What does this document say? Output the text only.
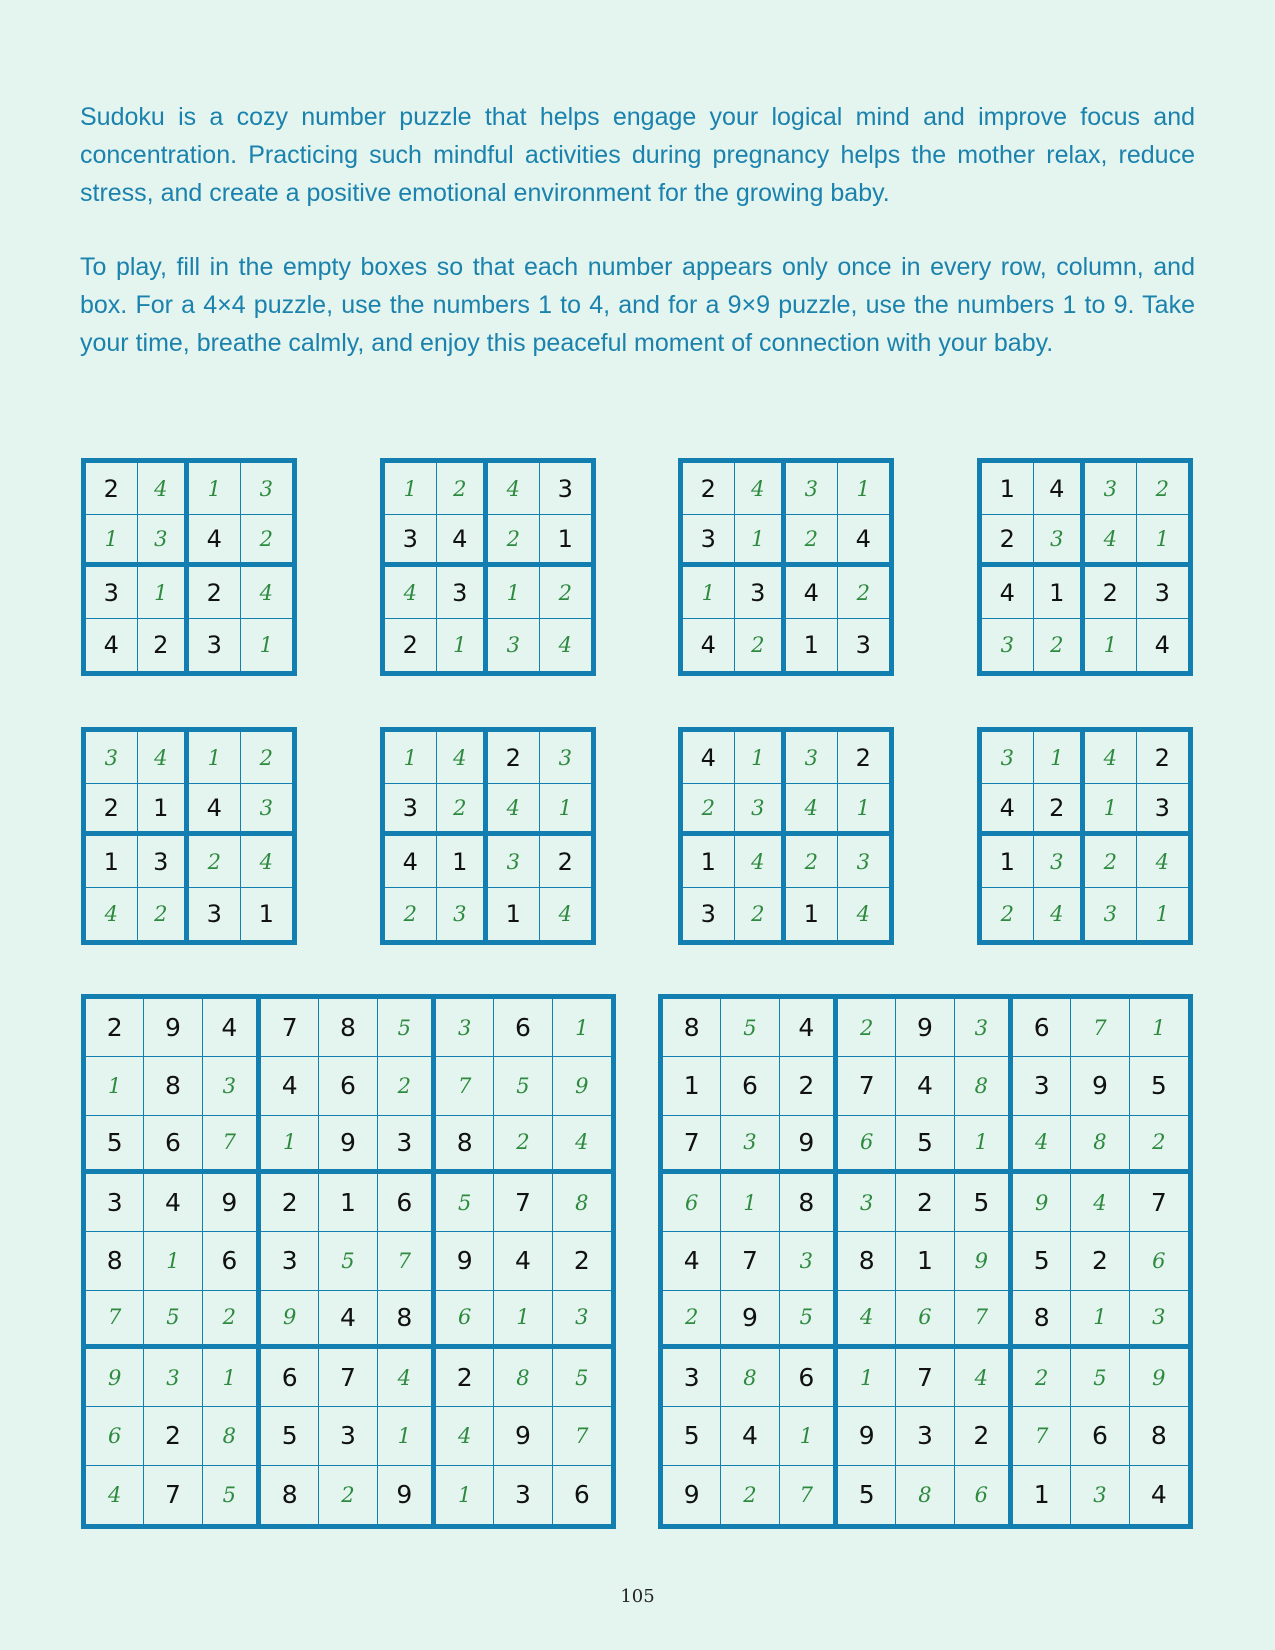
Sudoku is a cozy number puzzle that helps engage your logical mind and improve focus and concentration. Practicing such mindful activities during pregnancy helps the mother relax, reduce stress, and create a positive emotional environment for the growing baby.

To play, fill in the empty boxes so that each number appears only once in every row, column, and box. For a 4×4 puzzle, use the numbers 1 to 4, and for a 9×9 puzzle, use the numbers 1 to 9. Take your time, breathe calmly, and enjoy this peaceful moment of connection with your baby.

2	4	1	3
1	3	4	2
3	1	2	4
4	2	3	1
1	2	4	3
3	4	2	1
4	3	1	2
2	1	3	4
2	4	3	1
3	1	2	4
1	3	4	2
4	2	1	3
1	4	3	2
2	3	4	1
4	1	2	3
3	2	1	4
3	4	1	2
2	1	4	3
1	3	2	4
4	2	3	1
1	4	2	3
3	2	4	1
4	1	3	2
2	3	1	4
4	1	3	2
2	3	4	1
1	4	2	3
3	2	1	4
3	1	4	2
4	2	1	3
1	3	2	4
2	4	3	1
2	9	4	7	8	5	3	6	1
1	8	3	4	6	2	7	5	9
5	6	7	1	9	3	8	2	4
3	4	9	2	1	6	5	7	8
8	1	6	3	5	7	9	4	2
7	5	2	9	4	8	6	1	3
9	3	1	6	7	4	2	8	5
6	2	8	5	3	1	4	9	7
4	7	5	8	2	9	1	3	6
8	5	4	2	9	3	6	7	1
1	6	2	7	4	8	3	9	5
7	3	9	6	5	1	4	8	2
6	1	8	3	2	5	9	4	7
4	7	3	8	1	9	5	2	6
2	9	5	4	6	7	8	1	3
3	8	6	1	7	4	2	5	9
5	4	1	9	3	2	7	6	8
9	2	7	5	8	6	1	3	4
105
